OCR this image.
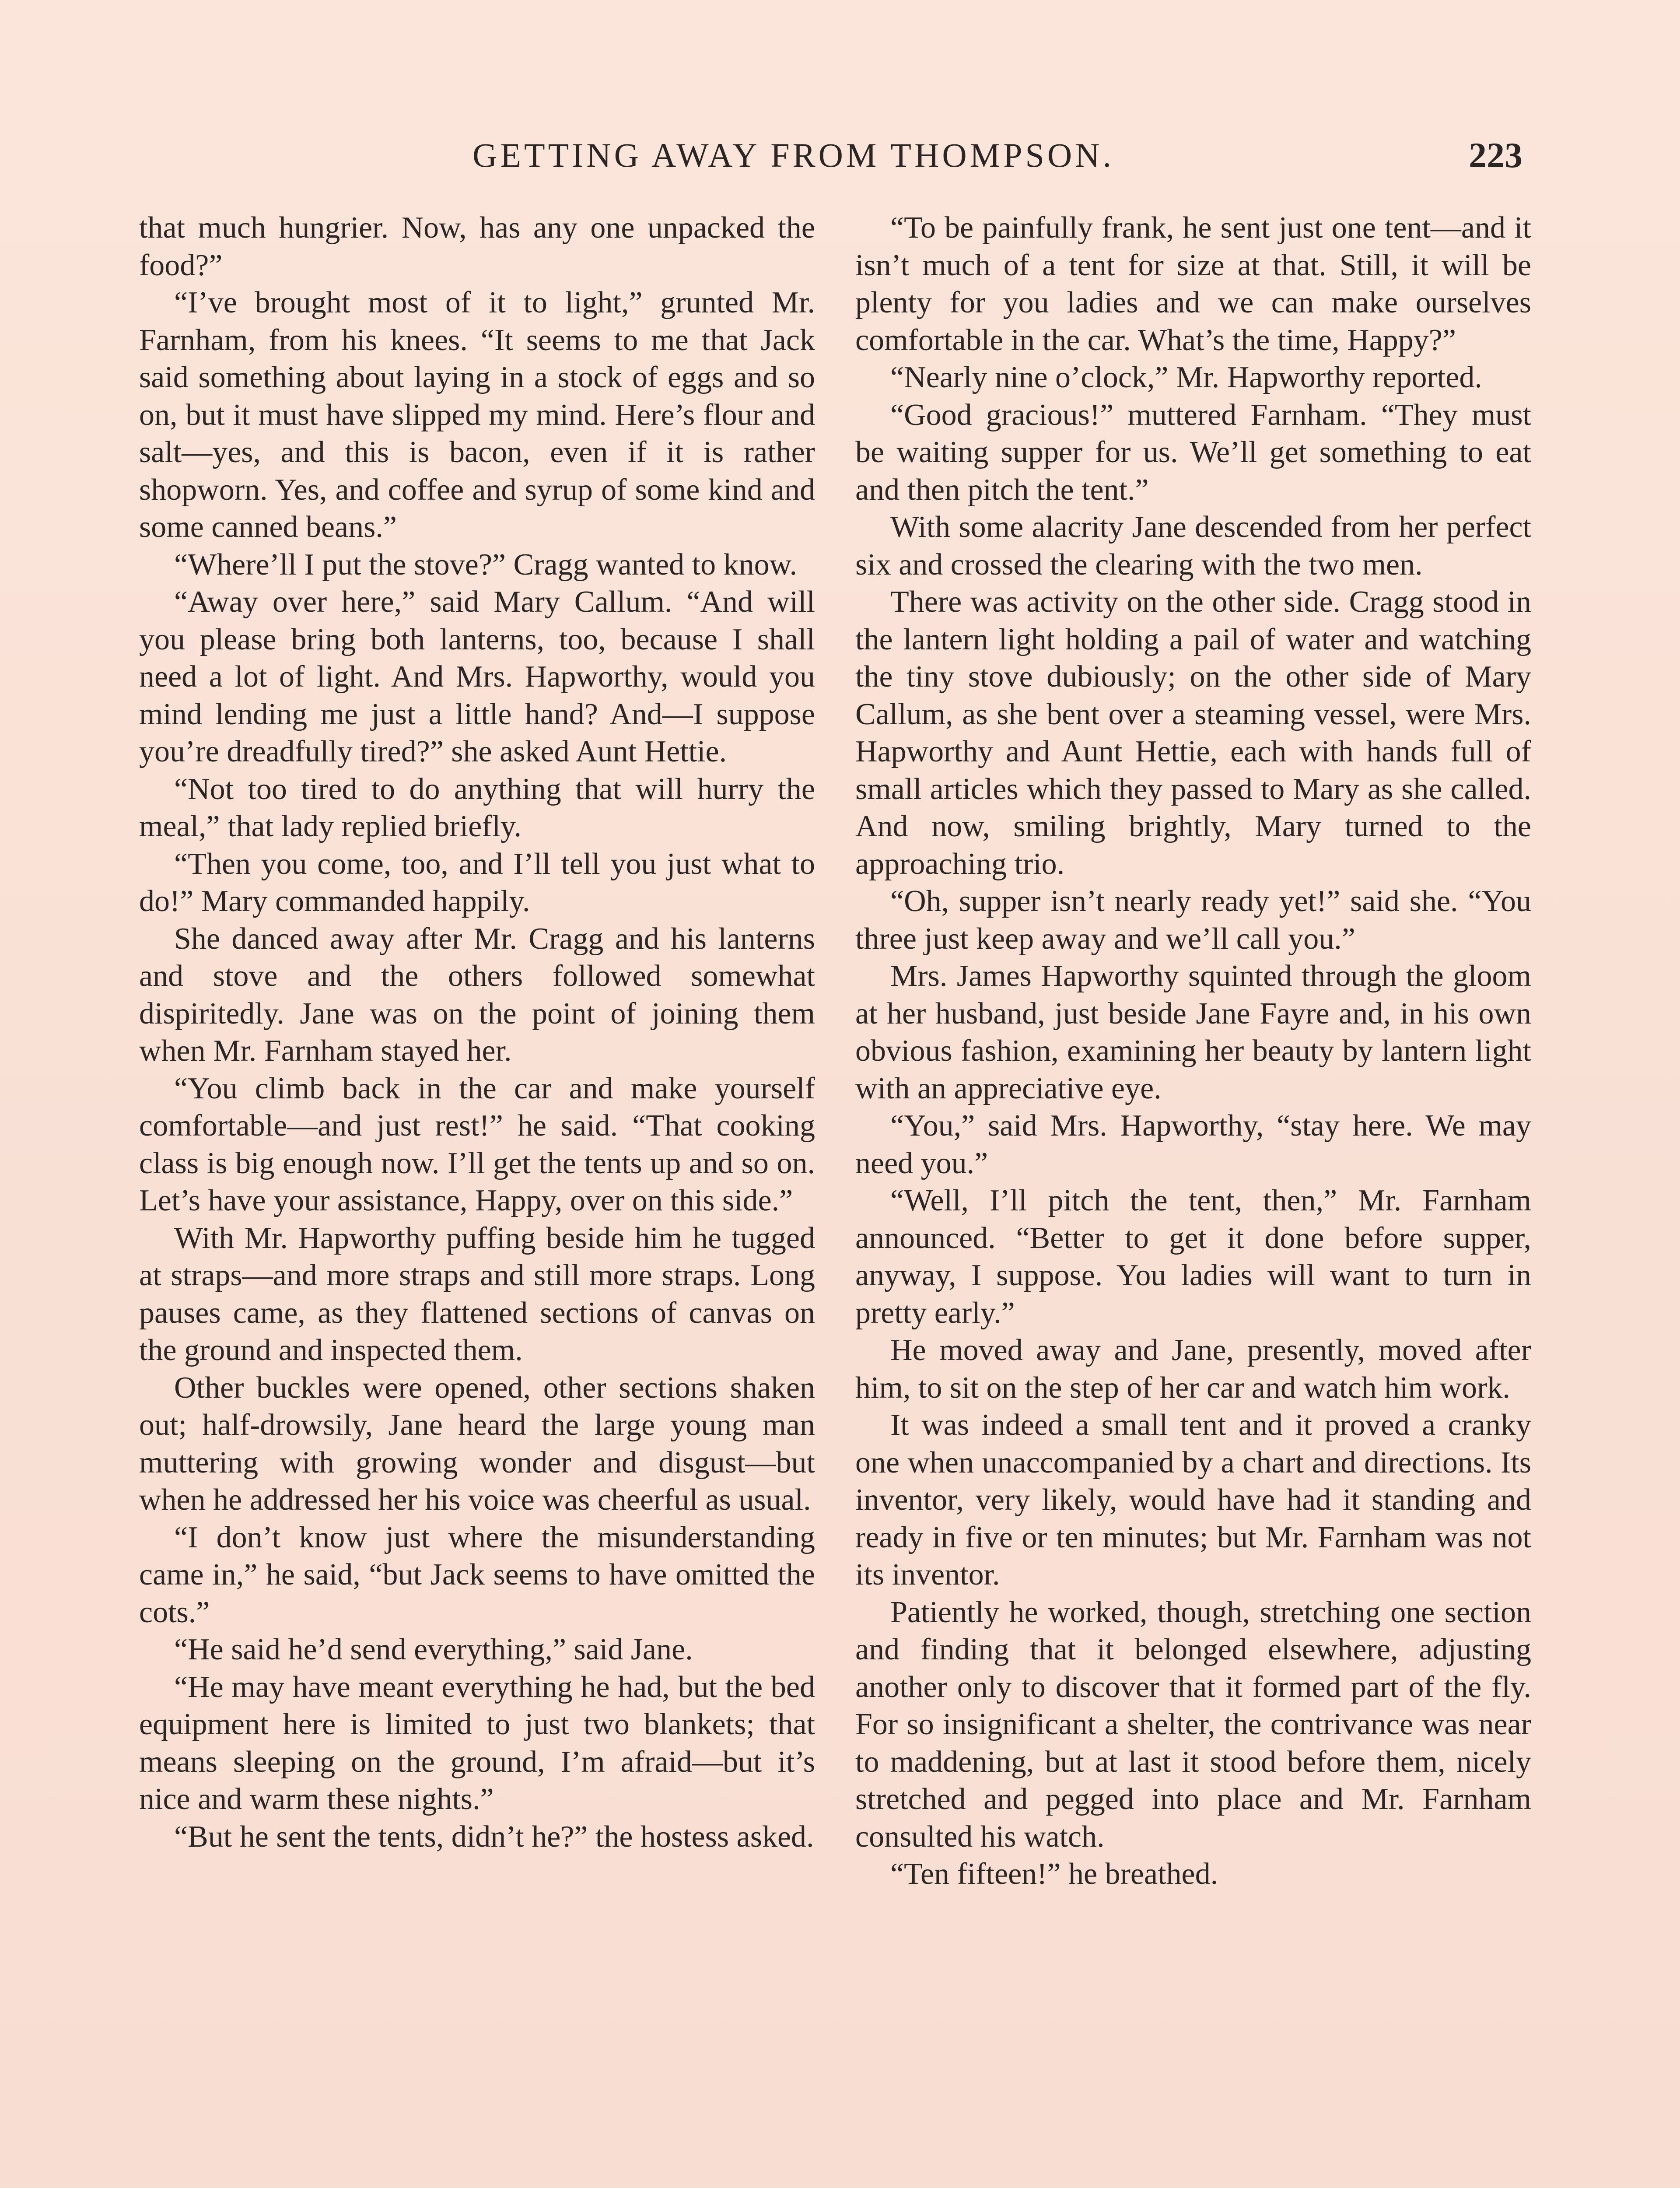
GETTING AWAY FROM THOMPSON.	223

that much hungrier. Now, has any one unpacked the food?”

“I’ve brought most of it to light,” grunted Mr. Farnham, from his knees. “It seems to me that Jack said something about laying in a stock of eggs and so on, but it must have slipped my mind. Here’s flour and salt—yes, and this is bacon, even if it is rather shopworn. Yes, and coffee and syrup of some kind and some canned beans.”

“Where’ll I put the stove?” Cragg wanted to know.

“Away over here,” said Mary Callum. “And will you please bring both lanterns, too, because I shall need a lot of light. And Mrs. Hapworthy, would you mind lending me just a little hand? And—I suppose you’re dreadfully tired?” she asked Aunt Hettie.

“Not too tired to do anything that will hurry the meal,” that lady replied briefly.

“Then you come, too, and I’ll tell you just what to do!” Mary commanded happily.

She danced away after Mr. Cragg and his lanterns and stove and the others followed somewhat dispiritedly. Jane was on the point of joining them when Mr. Farnham stayed her.

“You climb back in the car and make yourself comfortable—and just rest!” he said. “That cooking class is big enough now. I’ll get the tents up and so on. Let’s have your assistance, Happy, over on this side.”

With Mr. Hapworthy puffing beside him he tugged at straps—and more straps and still more straps. Long pauses came, as they flattened sections of canvas on the ground and inspected them.

Other buckles were opened, other sections shaken out; half-drowsily, Jane heard the large young man muttering with growing wonder and disgust—but when he addressed her his voice was cheerful as usual.

“I don’t know just where the misunderstanding came in,” he said, “but Jack seems to have omitted the cots.”

“He said he’d send everything,” said Jane.

“He may have meant everything he had, but the bed equipment here is limited to just two blankets; that means sleeping on the ground, I’m afraid—but it’s nice and warm these nights.”

“But he sent the tents, didn’t he?” the hostess asked.

“To be painfully frank, he sent just one tent—and it isn’t much of a tent for size at that. Still, it will be plenty for you ladies and we can make ourselves comfortable in the car. What’s the time, Happy?”

“Nearly nine o’clock,” Mr. Hapworthy reported.

“Good gracious!” muttered Farnham. “They must be waiting supper for us. We’ll get something to eat and then pitch the tent.”

With some alacrity Jane descended from her perfect six and crossed the clearing with the two men.

There was activity on the other side. Cragg stood in the lantern light holding a pail of water and watching the tiny stove dubiously; on the other side of Mary Callum, as she bent over a steaming vessel, were Mrs. Hapworthy and Aunt Hettie, each with hands full of small articles which they passed to Mary as she called. And now, smiling brightly, Mary turned to the approaching trio.

“Oh, supper isn’t nearly ready yet!” said she. “You three just keep away and we’ll call you.”

Mrs. James Hapworthy squinted through the gloom at her husband, just beside Jane Fayre and, in his own obvious fashion, examining her beauty by lantern light with an appreciative eye.

“You,” said Mrs. Hapworthy, “stay here. We may need you.”

“Well, I’ll pitch the tent, then,” Mr. Farnham announced. “Better to get it done before supper, anyway, I suppose. You ladies will want to turn in pretty early.”

He moved away and Jane, presently, moved after him, to sit on the step of her car and watch him work.

It was indeed a small tent and it proved a cranky one when unaccompanied by a chart and directions. Its inventor, very likely, would have had it standing and ready in five or ten minutes; but Mr. Farnham was not its inventor.

Patiently he worked, though, stretching one section and finding that it belonged elsewhere, adjusting another only to discover that it formed part of the fly. For so insignificant a shelter, the contrivance was near to maddening, but at last it stood before them, nicely stretched and pegged into place and Mr. Farnham consulted his watch.

“Ten fifteen!” he breathed.
